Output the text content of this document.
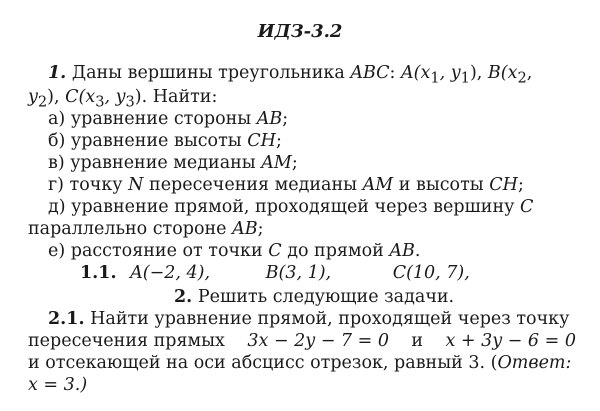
ИДЗ-3.2
1. Даны вершины треугольника ABC: $A(x_1$, $y_1$), $B(x_2$,
$y_2$), $C(x_3$, $y_3$). Найти:
а) уравнение стороны AB;
б) уравнение высоты CH;
в) уравнение медианы AM;
г) точку N пересечения медианы AM и высоты CH;
д) уравнение прямой, проходящей через вершину C
параллельно стороне AB;
е) расстояние от точки C до прямой AB.
1.1. A(−2, 4),	B(3, 1),	C(10, 7),
2. Решить следующие задачи.
2.1. Найти уравнение прямой, проходящей через точку
пересечения прямых 3x − 2y − 7 = 0 и x + 3y − 6 = 0
и отсекающей на оси абсцисс отрезок, равный 3. (Ответ:
x = 3.)
